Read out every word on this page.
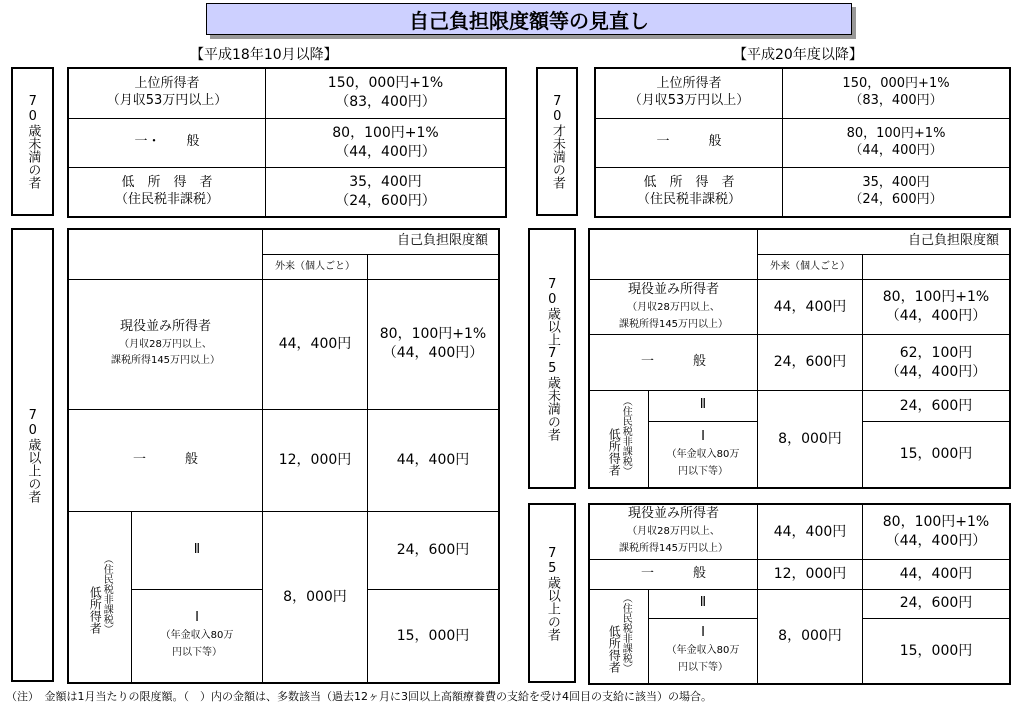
自己負担限度額等の見直し
【平成18年10月以降】	【平成20年度以降】
70歳未満の者
上位所得者
（月収53万円以上）	150，000円+1%
（83，400円）
一・　　般	80，100円+1%
（44，400円）
低　所　得　者
（住民税非課税）	35，400円
（24，600円）
70才未満の者
上位所得者
（月収53万円以上）	150，000円+1%
（83，400円）
一　　　般	80，100円+1%
（44，400円）
低　所　得　者
（住民税非課税）	35，400円
（24，600円）
70歳以上の者
		自己負担限度額	
		外来（個人ごと）	
現役並み所得者
（月収28万円以上、
課税所得145万円以上）		44，400円	80，100円+1%
（44，400円）
一　　　般		12，000円	44，400円
低所得者（住民税非課税）	Ⅱ	8，000円	24，600円
	Ⅰ
（年金収入80万
円以下等）		15，000円
70歳以上75歳未満の者
		自己負担限度額	
		外来（個人ごと）	
現役並み所得者
（月収28万円以上、
課税所得145万円以上）		44，400円	80，100円+1%
（44，400円）
一　　　般		24，600円	62，100円
（44，400円）
低所得者（住民税非課税）	Ⅱ	8，000円	24，600円
	Ⅰ
（年金収入80万
円以下等）		15，000円
75歳以上の者
現役並み所得者
（月収28万円以上、
課税所得145万円以上）		44，400円	80，100円+1%
（44，400円）
一　　　般		12，000円	44，400円
低所得者（住民税非課税）	Ⅱ	8，000円	24，600円
	Ⅰ
（年金収入80万
円以下等）		15，000円
（注）　金額は1月当たりの限度額。（　）内の金額は、多数該当（過去12ヶ月に3回以上高額療養費の支給を受け4回目の支給に該当）の場合。
